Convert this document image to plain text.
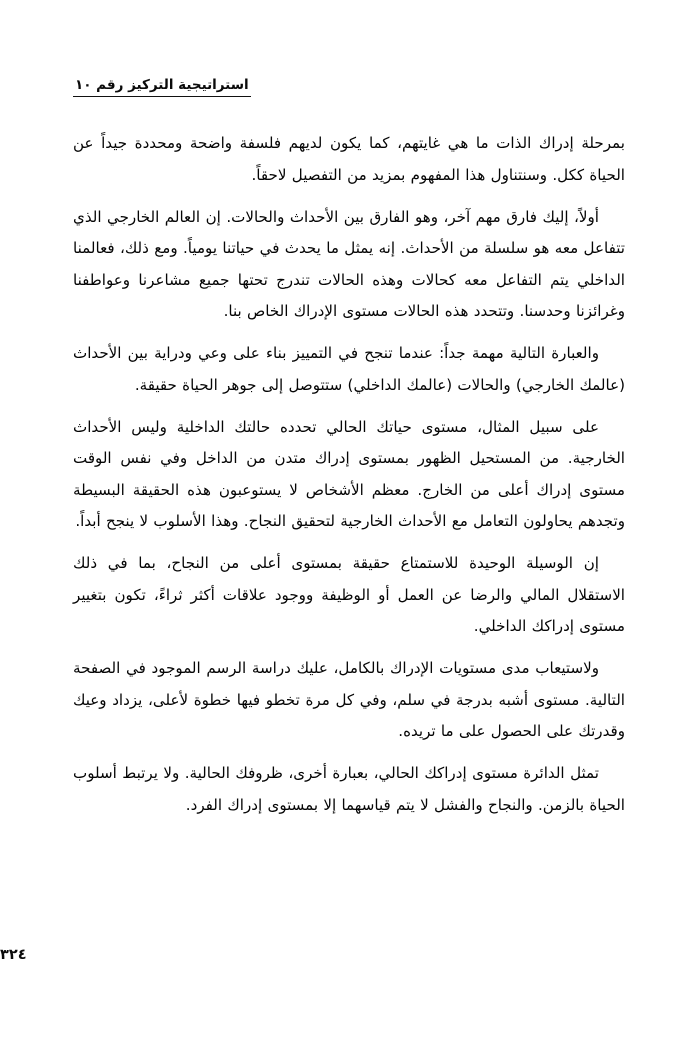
استراتيجية التركيز رقم ١٠

بمرحلة إدراك الذات ما هي غايتهم، كما يكون لديهم فلسفة واضحة ومحددة جيداً عن الحياة ككل. وسنتناول هذا المفهوم بمزيد من التفصيل لاحقاً.

أولاً، إليك فارق مهم آخر، وهو الفارق بين الأحداث والحالات. إن العالم الخارجي الذي تتفاعل معه هو سلسلة من الأحداث. إنه يمثل ما يحدث في حياتنا يومياً. ومع ذلك، فعالمنا الداخلي يتم التفاعل معه كحالات وهذه الحالات تندرج تحتها جميع مشاعرنا وعواطفنا وغرائزنا وحدسنا. وتتحدد هذه الحالات مستوى الإدراك الخاص بنا.

والعبارة التالية مهمة جداً: عندما تنجح في التمييز بناء على وعي ودراية بين الأحداث (عالمك الخارجي) والحالات (عالمك الداخلي) ستتوصل إلى جوهر الحياة حقيقة.

على سبيل المثال، مستوى حياتك الحالي تحدده حالتك الداخلية وليس الأحداث الخارجية. من المستحيل الظهور بمستوى إدراك متدن من الداخل وفي نفس الوقت مستوى إدراك أعلى من الخارج. معظم الأشخاص لا يستوعبون هذه الحقيقة البسيطة وتجدهم يحاولون التعامل مع الأحداث الخارجية لتحقيق النجاح. وهذا الأسلوب لا ينجح أبداً.

إن الوسيلة الوحيدة للاستمتاع حقيقة بمستوى أعلى من النجاح، بما في ذلك الاستقلال المالي والرضا عن العمل أو الوظيفة ووجود علاقات أكثر ثراءً، تكون بتغيير مستوى إدراكك الداخلي.

ولاستيعاب مدى مستويات الإدراك بالكامل، عليك دراسة الرسم الموجود في الصفحة التالية. مستوى أشبه بدرجة في سلم، وفي كل مرة تخطو فيها خطوة لأعلى، يزداد وعيك وقدرتك على الحصول على ما تريده.

تمثل الدائرة مستوى إدراكك الحالي، بعبارة أخرى، ظروفك الحالية. ولا يرتبط أسلوب الحياة بالزمن. والنجاح والفشل لا يتم قياسهما إلا بمستوى إدراك الفرد.

٣٢٤
